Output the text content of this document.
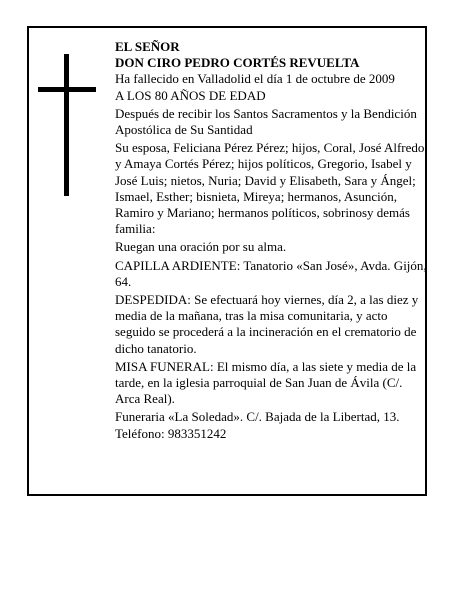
EL SEÑOR

DON CIRO PEDRO CORTÉS REVUELTA

Ha fallecido en Valladolid el día 1 de octubre de 2009

A LOS 80 AÑOS DE EDAD

Después de recibir los Santos Sacramentos y la Bendición Apostólica de Su Santidad

Su esposa, Feliciana Pérez Pérez; hijos, Coral, José Alfredo y Amaya Cortés Pérez; hijos políticos, Gregorio, Isabel y José Luis; nietos, Nuria; David y Elisabeth, Sara y Ángel; Ismael, Esther; bisnieta, Mireya; hermanos, Asunción, Ramiro y Mariano; hermanos políticos, sobrinosy demás familia:

Ruegan una oración por su alma.

CAPILLA ARDIENTE: Tanatorio «San José», Avda. Gijón, 64.

DESPEDIDA: Se efectuará hoy viernes, día 2, a las diez y media de la mañana, tras la misa comunitaria, y acto seguido se procederá a la incineración en el crematorio de dicho tanatorio.

MISA FUNERAL: El mismo día, a las siete y media de la tarde, en la iglesia parroquial de San Juan de Ávila (C/. Arca Real).

Funeraria «La Soledad». C/. Bajada de la Libertad, 13. Teléfono: 983351242
